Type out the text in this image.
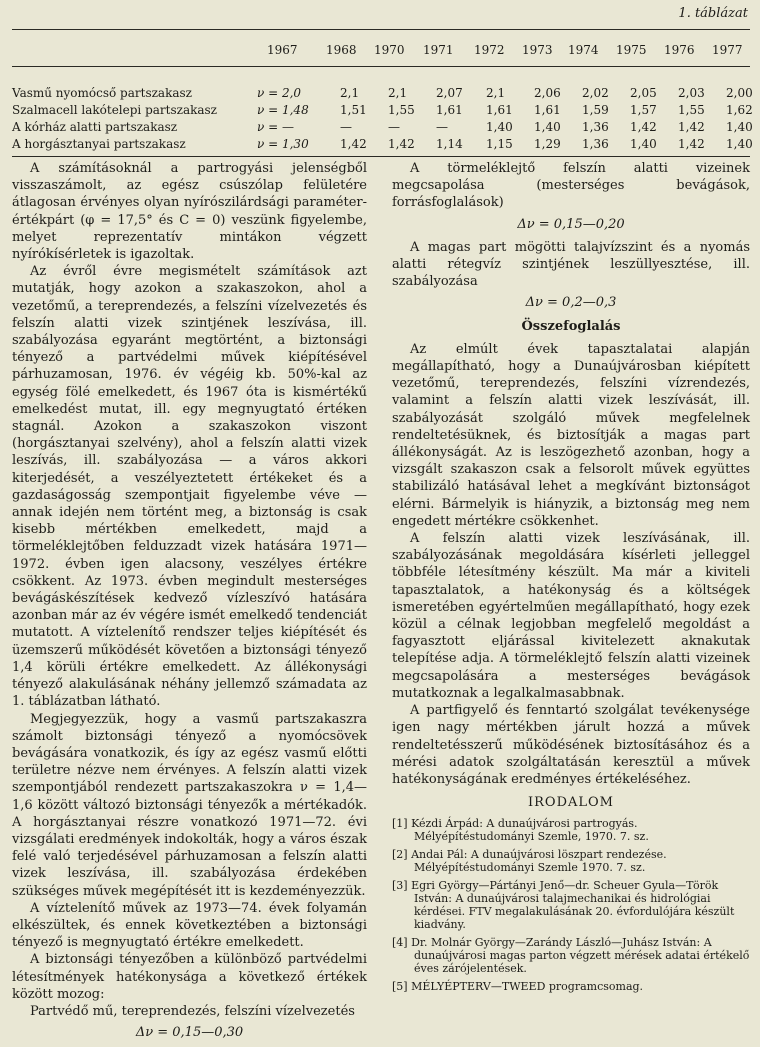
1. táblázat
1967 1968 1970 1971 1972 1973 1974 1975 1976 1977
Vasmű nyomócső partszakasz	ν = 2,0	2,1 2,1 2,07 2,1 2,06 2,02 2,05 2,03 2,00
Szalmacell lakótelepi partszakasz	ν = 1,48	1,51 1,55 1,61 1,61 1,61 1,59 1,57 1,55 1,62
A kórház alatti partszakasz	ν = —	—	—	—	1,40 1,40 1,36 1,42 1,42 1,40
A horgásztanyai partszakasz	ν = 1,30	1,42 1,42 1,14 1,15 1,29 1,36 1,40 1,42 1,40

A számításoknál a partrogyási jelenségből visszaszámolt, az egész csúszólap felületére átlagosan érvényes olyan nyírószilárdsági paraméter-értékpárt (φ = 17,5° és C = 0) veszünk figyelembe, melyet reprezentatív mintákon végzett nyírókísérletek is igazoltak.

Az évről évre megismételt számítások azt mutatják, hogy azokon a szakaszokon, ahol a vezetőmű, a tereprendezés, a felszíni vízelvezetés és felszín alatti vizek szintjének leszívása, ill. szabályozása egyaránt megtörtént, a biztonsági tényező a partvédelmi művek kiépítésével párhuzamosan, 1976. év végéig kb. 50%-kal az egység fölé emelkedett, és 1967 óta is kismértékű emelkedést mutat, ill. egy megnyugtató értéken stagnál. Azokon a szakaszokon viszont (horgásztanyai szelvény), ahol a felszín alatti vizek leszívás, ill. szabályozása — a város akkori kiterjedését, a veszélyeztetett értékeket és a gazdaságosság szempontjait figyelembe véve — annak idején nem történt meg, a biztonság is csak kisebb mértékben emelkedett, majd a törmeléklejtőben felduzzadt vizek hatására 1971—1972. évben igen alacsony, veszélyes értékre csökkent. Az 1973. évben megindult mesterséges bevágáskészítések kedvező vízleszívó hatására azonban már az év végére ismét emelkedő tendenciát mutatott. A víztelenítő rendszer teljes kiépítését és üzemszerű működését követően a biztonsági tényező 1,4 körüli értékre emelkedett. Az állékonysági tényező alakulásának néhány jellemző számadata az 1. táblázatban látható.

Megjegyezzük, hogy a vasmű partszakaszra számolt biztonsági tényező a nyomócsövek bevágására vonatkozik, és így az egész vasmű előtti területre nézve nem érvényes. A felszín alatti vizek szempontjából rendezett partszakaszokra ν = 1,4—1,6 között változó biztonsági tényezők a mértékadók. A horgásztanyai részre vonatkozó 1971—72. évi vizsgálati eredmények indokolták, hogy a város észak felé való terjedésével párhuzamosan a felszín alatti vizek leszívása, ill. szabályozása érdekében szükséges művek megépítését itt is kezdeményezzük.

A víztelenítő művek az 1973—74. évek folyamán elkészültek, és ennek következtében a biztonsági tényező is megnyugtató értékre emelkedett.

A biztonsági tényezőben a különböző partvédelmi létesítmények hatékonysága a következő értékek között mozog:

Partvédő mű, tereprendezés, felszíni vízelvezetés

Δν = 0,15—0,30

A törmeléklejtő felszín alatti vizeinek megcsapolása (mesterséges bevágások, forrásfoglalások)

Δν = 0,15—0,20

A magas part mögötti talajvízszint és a nyomás alatti rétegvíz szintjének leszüllyesztése, ill. szabályozása

Δν = 0,2—0,3
Összefoglalás

Az elmúlt évek tapasztalatai alapján megállapítható, hogy a Dunaújvárosban kiépített vezetőmű, tereprendezés, felszíni vízrendezés, valamint a felszín alatti vizek leszívását, ill. szabályozását szolgáló művek megfelelnek rendeltetésüknek, és biztosítják a magas part állékonyságát. Az is leszögezhető azonban, hogy a vizsgált szakaszon csak a felsorolt művek együttes stabilizáló hatásával lehet a megkívánt biztonságot elérni. Bármelyik is hiányzik, a biztonság meg nem engedett mértékre csökkenhet.

A felszín alatti vizek leszívásának, ill. szabályozásának megoldására kísérleti jelleggel többféle létesítmény készült. Ma már a kiviteli tapasztalatok, a hatékonyság és a költségek ismeretében egyértelműen megállapítható, hogy ezek közül a célnak legjobban megfelelő megoldást a fagyasztott eljárással kivitelezett aknakutak telepítése adja. A törmeléklejtő felszín alatti vizeinek megcsapolására a mesterséges bevágások mutatkoznak a legalkalmasabbnak.

A partfigyelő és fenntartó szolgálat tevékenysége igen nagy mértékben járult hozzá a művek rendeltetésszerű működésének biztosításához és a mérési adatok szolgáltatásán keresztül a művek hatékonyságának eredményes értékeléséhez.

IRODALOM
[1] Kézdi Árpád: A dunaújvárosi partrogyás. Mélyépítéstudományi Szemle, 1970. 7. sz.
[2] Andai Pál: A dunaújvárosi löszpart rendezése. Mélyépítéstudományi Szemle 1970. 7. sz.
[3] Egri György—Pártányi Jenő—dr. Scheuer Gyula—Török István: A dunaújvárosi talajmechanikai és hidrológiai kérdései. FTV megalakulásának 20. évfordulójára készült kiadvány.
[4] Dr. Molnár György—Zarándy László—Juhász István: A dunaújvárosi magas parton végzett mérések adatai értékelő éves zárójelentések.
[5] MÉLYÉPTERV—TWEED programcsomag.
